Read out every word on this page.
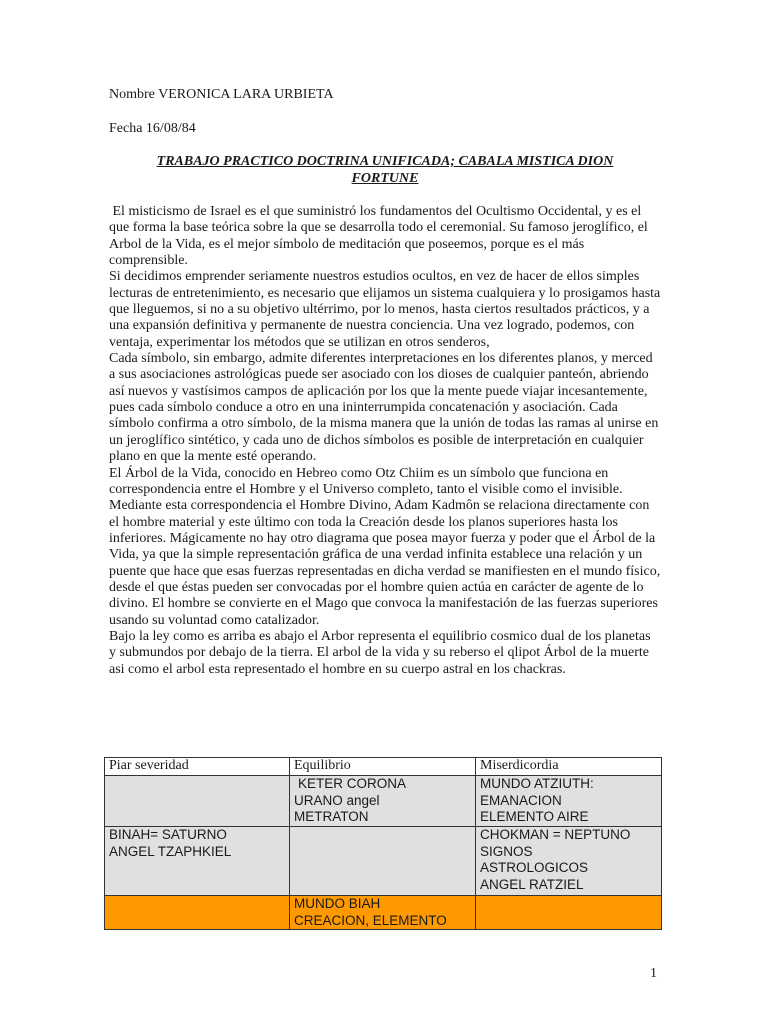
Nombre VERONICA LARA URBIETA
Fecha 16/08/84
TRABAJO PRACTICO DOCTRINA UNIFICADA; CABALA MISTICA DION
FORTUNE

El misticismo de Israel es el que suministró los fundamentos del Ocultismo Occidental, y es el que forma la base teórica sobre la que se desarrolla todo el ceremonial. Su famoso jeroglífico, el Arbol de la Vida, es el mejor símbolo de meditación que poseemos, porque es el más comprensible.

Si decidimos emprender seriamente nuestros estudios ocultos, en vez de hacer de ellos simples lecturas de entretenimiento, es necesario que elijamos un sistema cualquiera y lo prosigamos hasta que lleguemos, si no a su objetivo ultérrimo, por lo menos, hasta ciertos resultados prácticos, y a una expansión definitiva y permanente de nuestra conciencia. Una vez logrado, podemos, con ventaja, experimentar los métodos que se utilizan en otros senderos,

Cada símbolo, sin embargo, admite diferentes interpretaciones en los diferentes planos, y merced a sus asociaciones astrológicas puede ser asociado con los dioses de cualquier panteón, abriendo así nuevos y vastísimos campos de aplicación por los que la mente puede viajar incesantemente, pues cada símbolo conduce a otro en una ininterrumpida concatenación y asociación. Cada símbolo confirma a otro símbolo, de la misma manera que la unión de todas las ramas al unirse en un jeroglífico sintético, y cada uno de dichos símbolos es posible de interpretación en cualquier plano en que la mente esté operando.

El Árbol de la Vida, conocido en Hebreo como Otz Chiim es un símbolo que funciona en correspondencia entre el Hombre y el Universo completo, tanto el visible como el invisible. Mediante esta correspondencia el Hombre Divino, Adam Kadmôn se relaciona directamente con el hombre material y este último con toda la Creación desde los planos superiores hasta los inferiores. Mágicamente no hay otro diagrama que posea mayor fuerza y poder que el Árbol de la Vida, ya que la simple representación gráfica de una verdad infinita establece una relación y un puente que hace que esas fuerzas representadas en dicha verdad se manifiesten en el mundo físico, desde el que éstas pueden ser convocadas por el hombre quien actúa en carácter de agente de lo divino. El hombre se convierte en el Mago que convoca la manifestación de las fuerzas superiores usando su voluntad como catalizador.

Bajo la ley como es arriba es abajo el Arbor representa el equilibrio cosmico dual de los planetas y submundos por debajo de la tierra. El arbol de la vida y su reberso el qlipot Árbol de la muerte asi como el arbol esta representado el hombre en su cuerpo astral en los chackras.

Piar severidad	Equilibrio	Miserdicordia

	KETER CORONA
URANO angel
METRATON	MUNDO ATZIUTH:
EMANACION
ELEMENTO AIRE

BINAH= SATURNO
ANGEL TZAPHKIEL		CHOKMAN = NEPTUNO
SIGNOS
ASTROLOGICOS
ANGEL RATZIEL

	MUNDO BIAH
CREACION, ELEMENTO	

1
